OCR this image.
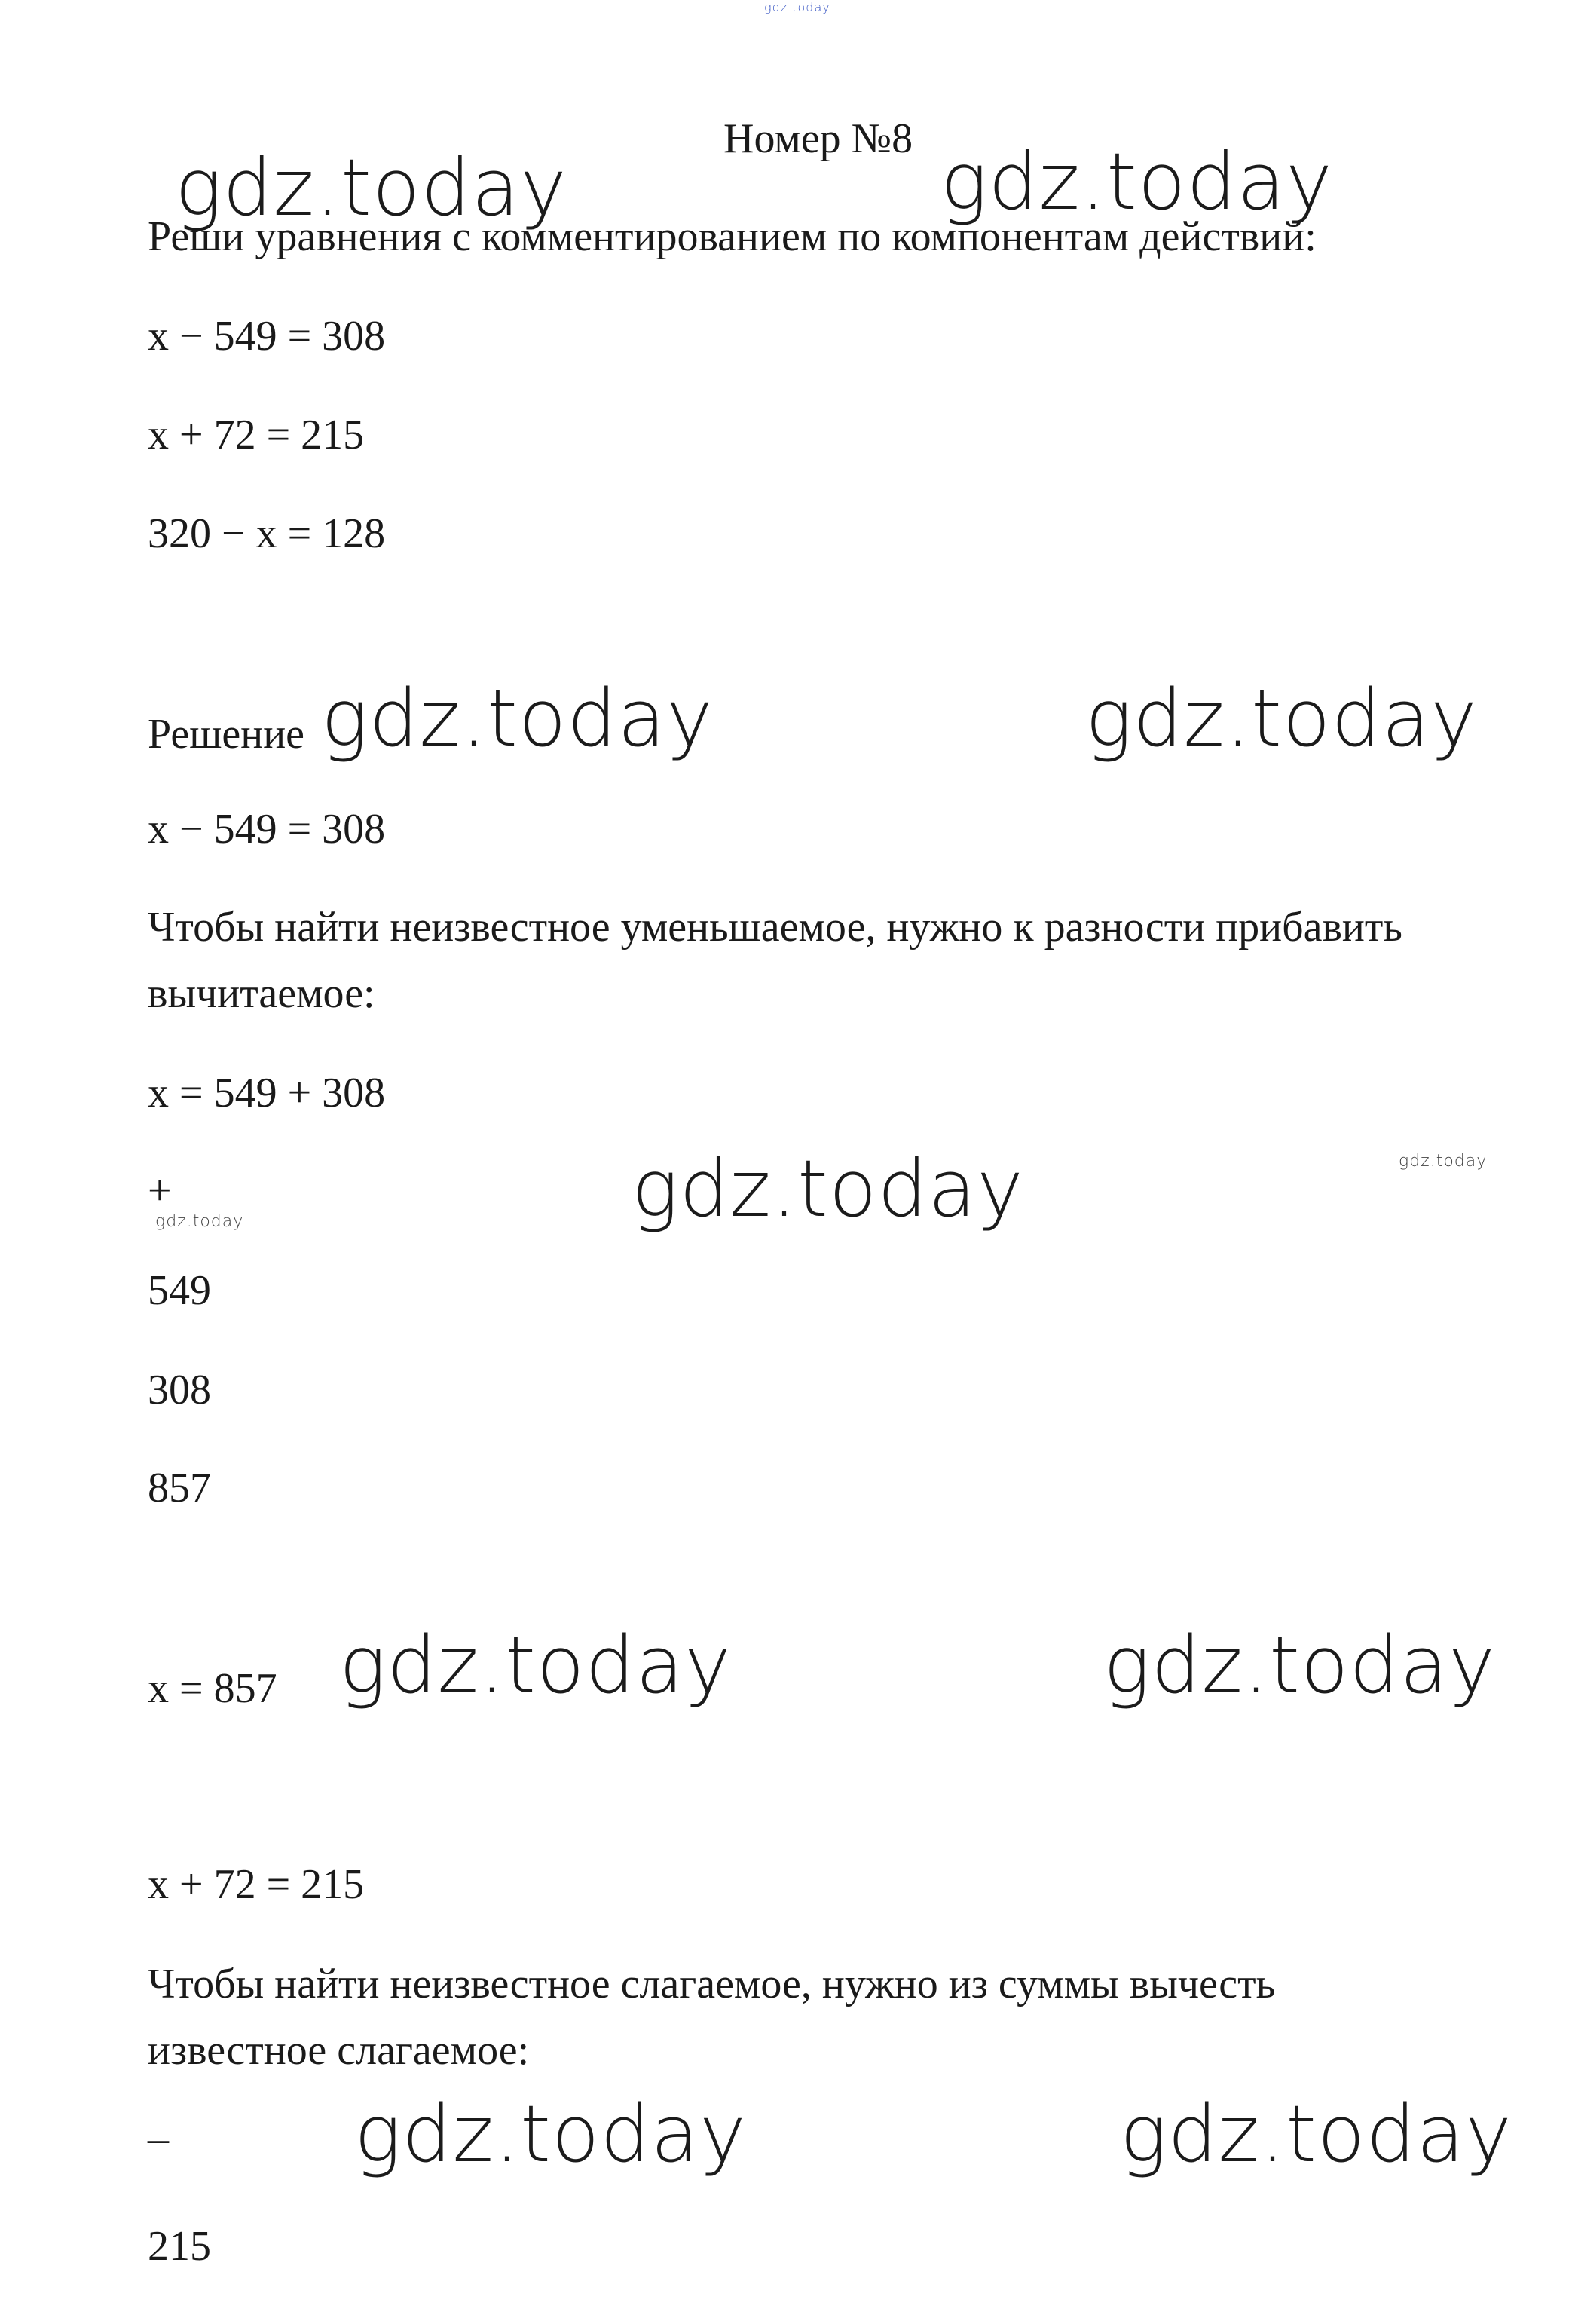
gdz.today
Номер №8
gdz.today	gdz.today
Реши уравнения с комментированием по компонентам действий:
x − 549 = 308
x + 72 = 215
320 − x = 128
Решение gdz.today	gdz.today
x − 549 = 308
Чтобы найти неизвестное уменьшаемое, нужно к разности прибавить
вычитаемое:
x = 549 + 308
+
gdz.today	gdz.today	gdz.today
549
308
857
x = 857 gdz.today	gdz.today
x + 72 = 215
Чтобы найти неизвестное слагаемое, нужно из суммы вычесть
известное слагаемое:
_ gdz.today	gdz.today
215
